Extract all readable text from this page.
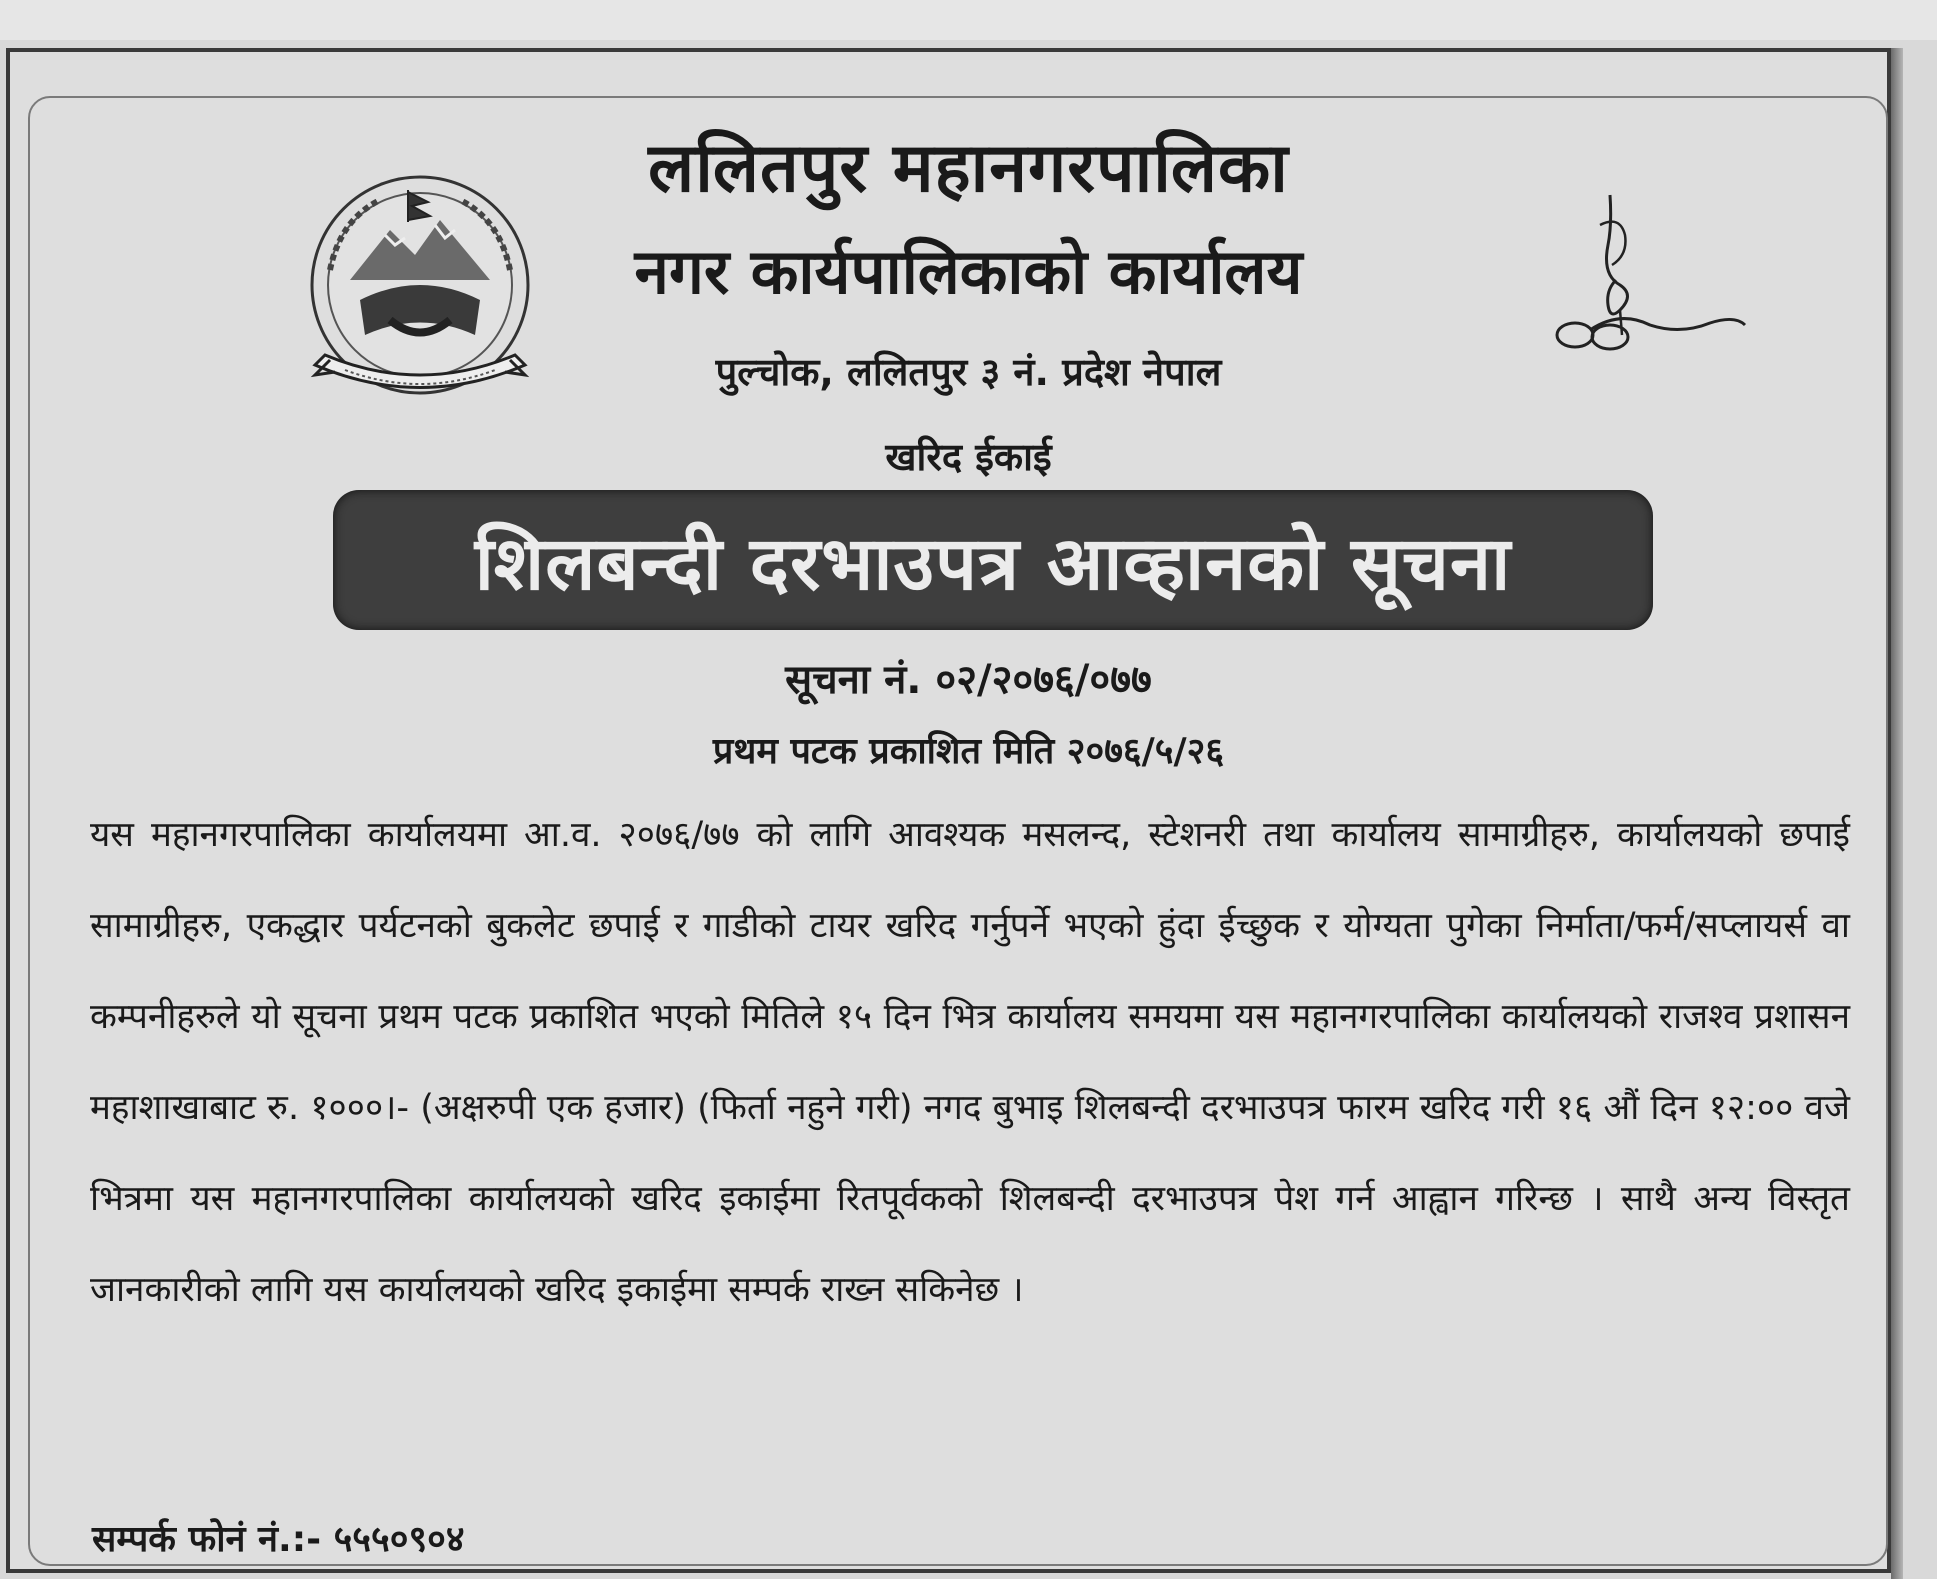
ललितपुर महानगरपालिका
नगर कार्यपालिकाको कार्यालय
पुल्चोक, ललितपुर ३ नं. प्रदेश नेपाल
खरिद ईकाई
शिलबन्दी दरभाउपत्र आव्हानको सूचना
सूचना नं. ०२/२०७६/०७७
प्रथम पटक प्रकाशित मिति २०७६/५/२६
यस महानगरपालिका कार्यालयमा आ.व. २०७६/७७ को लागि आवश्यक मसलन्द, स्टेशनरी तथा कार्यालय सामाग्रीहरु, कार्यालयको छपाई सामाग्रीहरु, एकद्धार पर्यटनको बुकलेट छपाई र गाडीको टायर खरिद गर्नुपर्ने भएको हुंदा ईच्छुक र योग्यता पुगेका निर्माता/फर्म/सप्लायर्स वा कम्पनीहरुले यो सूचना प्रथम पटक प्रकाशित भएको मितिले १५ दिन भित्र कार्यालय समयमा यस महानगरपालिका कार्यालयको राजश्व प्रशासन महाशाखाबाट रु. १०००।- (अक्षरुपी एक हजार) (फिर्ता नहुने गरी) नगद बुभाइ शिलबन्दी दरभाउपत्र फारम खरिद गरी १६ औं दिन १२:०० वजे भित्रमा यस महानगरपालिका कार्यालयको खरिद इकाईमा रितपूर्वकको शिलबन्दी दरभाउपत्र पेश गर्न आह्वान गरिन्छ । साथै अन्य विस्तृत जानकारीको लागि यस कार्यालयको खरिद इकाईमा सम्पर्क राख्न सकिनेछ ।
सम्पर्क फोनं नं.:- ५५५०९०४
